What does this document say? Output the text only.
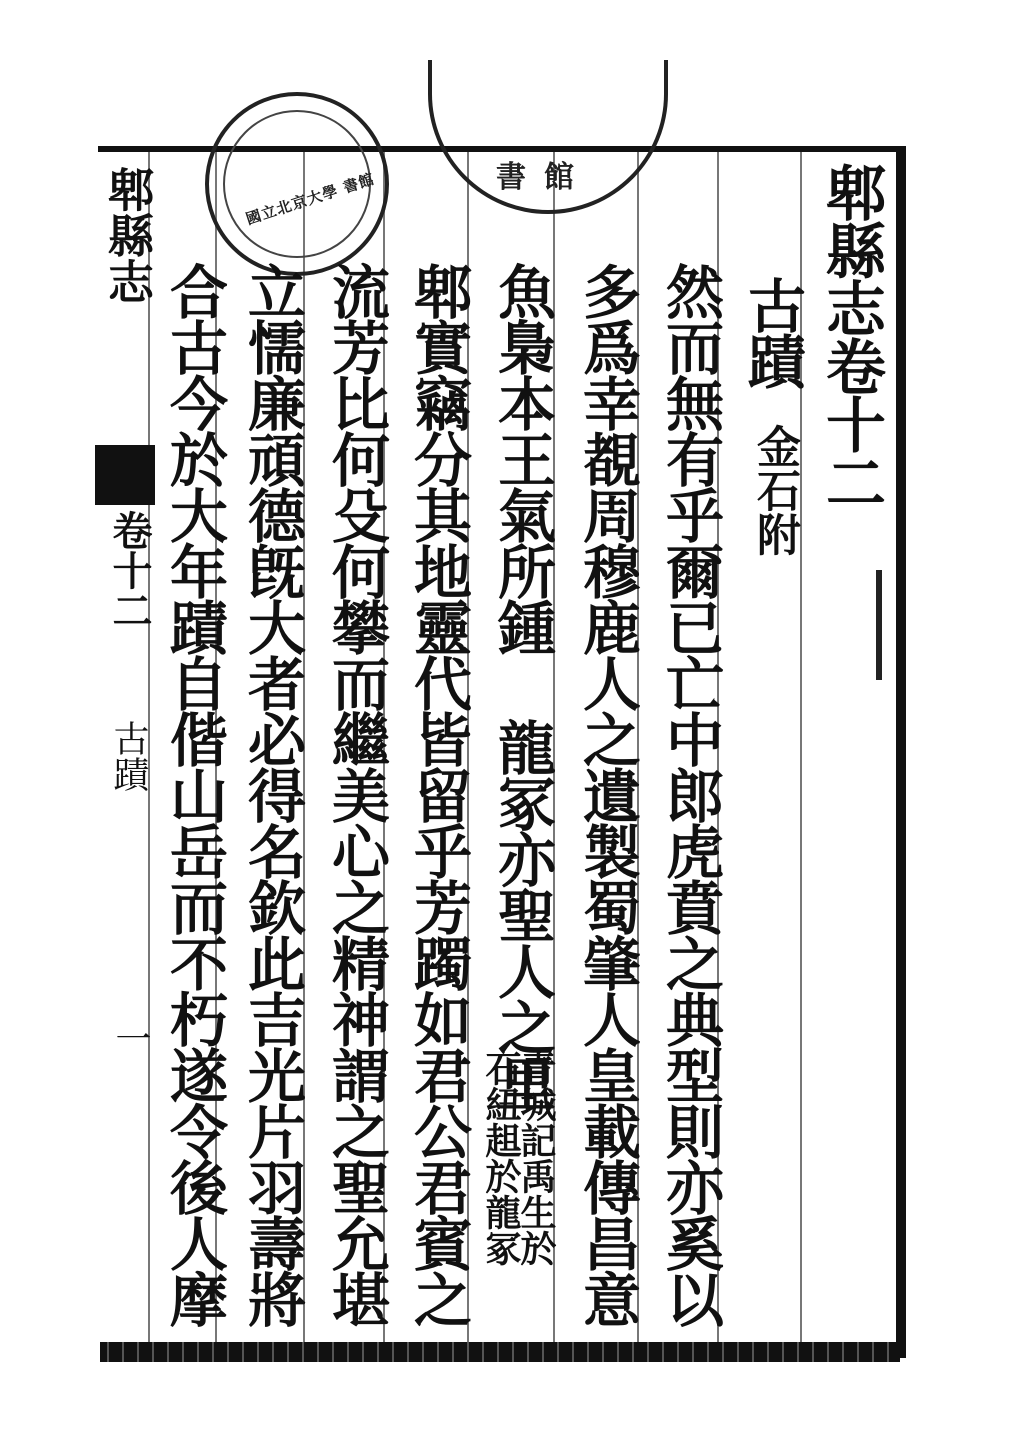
國立北京大學 書館	書館	郫縣志卷十二
古蹟
金石附
然而無有乎爾已亡中郎虎賁之典型則亦奚以
多爲幸覩周穆鹿人之遺製蜀肇人皇載傳昌意
魚梟本王氣所鍾
龍冢亦聖人之里
青城記禹生於
石紐趄於龍冢
郫實竊分其地靈代皆留乎芳躅如君公君賓之
流芳比何殳何攀而繼美心之精神謂之聖允堪
立懦廉頑德旣大者必得名欽此吉光片羽壽將
合古今於大年蹟自偕山岳而不朽遂令後人摩
郫縣志
卷十二
古蹟
一
